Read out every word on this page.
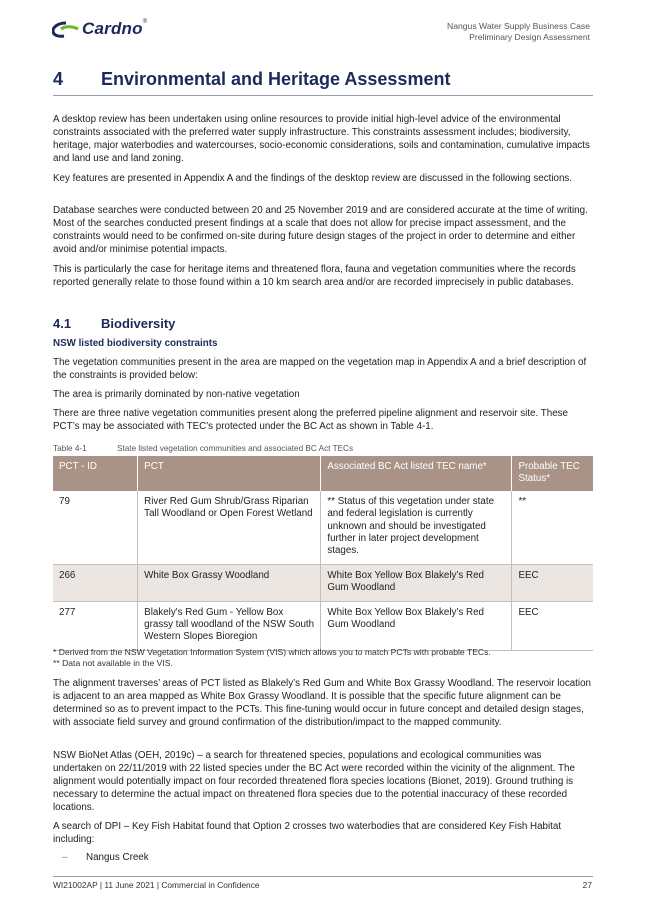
Cardno®	Nangus Water Supply Business Case
Preliminary Design Assessment
4 Environmental and Heritage Assessment

A desktop review has been undertaken using online resources to provide initial high-level advice of the environmental constraints associated with the preferred water supply infrastructure. This constraints assessment includes; biodiversity, heritage, major waterbodies and watercourses, socio-economic considerations, soils and contamination, cumulative impacts and land use and land zoning.

Key features are presented in Appendix A and the findings of the desktop review are discussed in the following sections.

Database searches were conducted between 20 and 25 November 2019 and are considered accurate at the time of writing. Most of the searches conducted present findings at a scale that does not allow for precise impact assessment, and the constraints would need to be confirmed on-site during future design stages of the project in order to determine and either avoid and/or minimise potential impacts.

This is particularly the case for heritage items and threatened flora, fauna and vegetation communities where the records reported generally relate to those found within a 10 km search area and/or are recorded imprecisely in public databases.

4.1 Biodiversity
NSW listed biodiversity constraints

The vegetation communities present in the area are mapped on the vegetation map in Appendix A and a brief description of the constraints is provided below:

The area is primarily dominated by non-native vegetation

There are three native vegetation communities present along the preferred pipeline alignment and reservoir site. These PCT’s may be associated with TEC’s protected under the BC Act as shown in Table 4-1.

Table 4-1	State listed vegetation communities and associated BC Act TECs
PCT - ID	PCT	Associated BC Act listed TEC name*	Probable TEC Status*
79	River Red Gum Shrub/Grass Riparian Tall Woodland or Open Forest Wetland	** Status of this vegetation under state and federal legislation is currently unknown and should be investigated further in later project development stages.	**
266	White Box Grassy Woodland	White Box Yellow Box Blakely’s Red Gum Woodland	EEC
277	Blakely's Red Gum - Yellow Box grassy tall woodland of the NSW South Western Slopes Bioregion	White Box Yellow Box Blakely’s Red Gum Woodland	EEC
* Derived from the NSW Vegetation Information System (VIS) which allows you to match PCTs with probable TECs.
** Data not available in the VIS.

The alignment traverses’ areas of PCT listed as Blakely’s Red Gum and White Box Grassy Woodland. The reservoir location is adjacent to an area mapped as White Box Grassy Woodland. It is possible that the specific future alignment can be determined so as to prevent impact to the PCTs. This fine-tuning would occur in future concept and detailed design stages, with associate field survey and ground confirmation of the distribution/impact to the mapped community.

NSW BioNet Atlas (OEH, 2019c) – a search for threatened species, populations and ecological communities was undertaken on 22/11/2019 with 22 listed species under the BC Act were recorded within the vicinity of the alignment. The alignment would potentially impact on four recorded threatened flora species locations (Bionet, 2019). Ground truthing is necessary to determine the actual impact on threatened flora species due to the potential inaccuracy of these recorded locations.

A search of DPI – Key Fish Habitat found that Option 2 crosses two waterbodies that are considered Key Fish Habitat including:

– Nangus Creek
WI21002AP | 11 June 2021 | Commercial in Confidence	27
